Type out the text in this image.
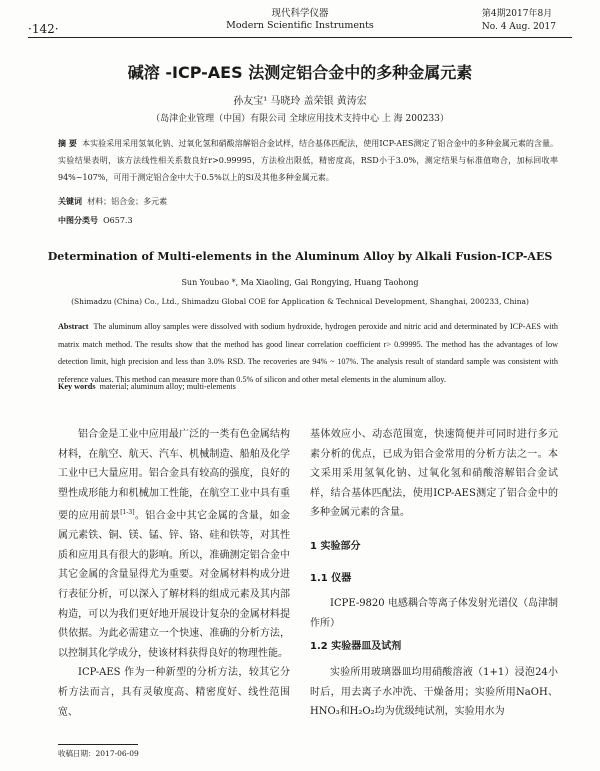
·142·
现代科学仪器
Modern Scientific Instruments
第4期2017年8月
No. 4 Aug. 2017
碱溶 -ICP-AES 法测定铝合金中的多种金属元素
孙友宝¹ 马晓玲 盖荣银 黄涛宏
（岛津企业管理（中国）有限公司 全球应用技术支持中心 上 海 200233）
摘 要 本实验采用采用氢氧化钠、过氧化氢和硝酸溶解铝合金试样，结合基体匹配法，使用ICP-AES测定了铝合金中的多种金属元素的含量。实验结果表明，该方法线性相关系数良好r>0.99995，方法检出限低，精密度高，RSD小于3.0%，测定结果与标准值吻合，加标回收率94%~107%，可用于测定铝合金中大于0.5%以上的Si及其他多种金属元素。
关键词 材料；铝合金；多元素
中图分类号 O657.3
Determination of Multi-elements in the Aluminum Alloy by Alkali Fusion-ICP-AES
Sun Youbao *, Ma Xiaoling, Gai Rongying, Huang Taohong
(Shimadzu (China) Co., Ltd., Shimadzu Global COE for Application & Technical Development, Shanghai, 200233, China)
Abstract The aluminum alloy samples were dissolved with sodium hydroxide, hydrogen peroxide and nitric acid and determinated by ICP-AES with matrix match method. The results show that the method has good linear correlation coefficient r> 0.99995. The method has the advantages of low detection limit, high precision and less than 3.0% RSD. The recoveries are 94% ~ 107%. The analysis result of standard sample was consistent with reference values. This method can measure more than 0.5% of silicon and other metal elements in the aluminum alloy.
Key words material; aluminum alloy; multi-elements
铝合金是工业中应用最广泛的一类有色金属结构材料，在航空、航天、汽车、机械制造、船舶及化学工业中已大量应用。铝合金具有较高的强度，良好的塑性成形能力和机械加工性能，在航空工业中具有重要的应用前景[1-3]。铝合金中其它金属的含量，如金属元素铁、铜、镁、锰、锌、铬、硅和铁等，对其性质和应用具有很大的影响。所以，准确测定铝合金中其它金属的含量显得尤为重要。对金属材料构成分进行表征分析，可以深入了解材料的组成元素及其内部构造，可以为我们更好地开展设计复杂的金属材料提供依据。为此必需建立一个快速、准确的分析方法，以控制其化学成分，使该材料获得良好的物理性能。
ICP-AES 作为一种新型的分析方法，较其它分析方法而言，具有灵敏度高、精密度好、线性范围宽、
基体效应小、动态范围宽，快速简便并可同时进行多元素分析的优点，已成为铝合金常用的分析方法之一。本文采用采用氢氧化钠、过氧化氢和硝酸溶解铝合金试样，结合基体匹配法，使用ICP-AES测定了铝合金中的多种金属元素的含量。
1 实验部分
1.1 仪器
ICPE-9820 电感耦合等离子体发射光谱仪（岛津制作所）
1.2 实验器皿及试剂
实验所用玻璃器皿均用硝酸溶液（1+1）浸泡24小时后，用去离子水冲洗、干燥备用；实验所用NaOH、HNO₃和H₂O₂均为优级纯试剂，实验用水为
收稿日期：2017-06-09
